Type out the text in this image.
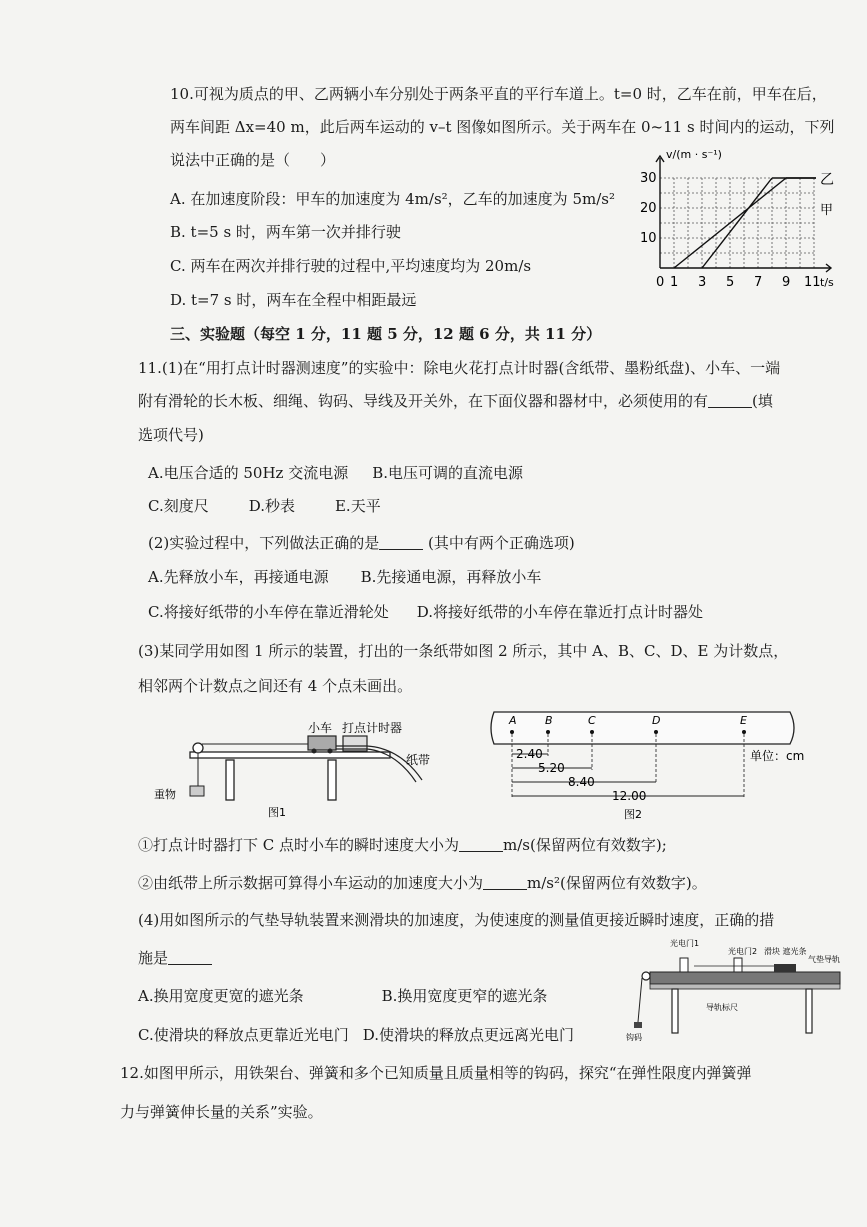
10.可视为质点的甲、乙两辆小车分别处于两条平直的平行车道上。t=0 时，乙车在前，甲车在后，
两车间距 Δx=40 m，此后两车运动的 v–t 图像如图所示。关于两车在 0~11 s 时间内的运动，下列
说法中正确的是（　　）
A. 在加速度阶段：甲车的加速度为 4m/s²，乙车的加速度为 5m/s²
B. t=5 s 时，两车第一次并排行驶
C. 两车在两次并排行驶的过程中,平均速度均为 20m/s
D. t=7 s 时，两车在全程中相距最远
v/(m · s⁻¹)
t/s
10
20
30
0 1 3 5 7 9 11
乙
甲
三、实验题（每空 1 分，11 题 5 分，12 题 6 分，共 11 分）
11.(1)在“用打点计时器测速度”的实验中：除电火花打点计时器(含纸带、墨粉纸盘)、小车、一端
附有滑轮的长木板、细绳、钩码、导线及开关外，在下面仪器和器材中，必须使用的有	(填
选项代号)
A.电压合适的 50Hz 交流电源 B.电压可调的直流电源
C.刻度尺	D.秒表	E.天平
(2)实验过程中，下列做法正确的是	(其中有两个正确选项)
A.先释放小车，再接通电源 B.先接通电源，再释放小车
C.将接好纸带的小车停在靠近滑轮处 D.将接好纸带的小车停在靠近打点计时器处
(3)某同学用如图 1 所示的装置，打出的一条纸带如图 2 所示，其中 A、B、C、D、E 为计数点，
相邻两个计数点之间还有 4 个点未画出。
小车 打点计时器
纸带
重物
图1
A	B	C	D	E
2.40
5.20
8.40
12.00
单位：cm
图2
①打点计时器打下 C 点时小车的瞬时速度大小为	m/s(保留两位有效数字);
②由纸带上所示数据可算得小车运动的加速度大小为	m/s²(保留两位有效数字)。
(4)用如图所示的气垫导轨装置来测滑块的加速度，为使速度的测量值更接近瞬时速度，正确的措
施是
A.换用宽度更宽的遮光条	B.换用宽度更窄的遮光条
C.使滑块的释放点更靠近光电门 D.使滑块的释放点更远离光电门
光电门1
光电门2 滑块 遮光条
气垫导轨
导轨标尺
钩码
12.如图甲所示，用铁架台、弹簧和多个已知质量且质量相等的钩码，探究“在弹性限度内弹簧弹
力与弹簧伸长量的关系”实验。
